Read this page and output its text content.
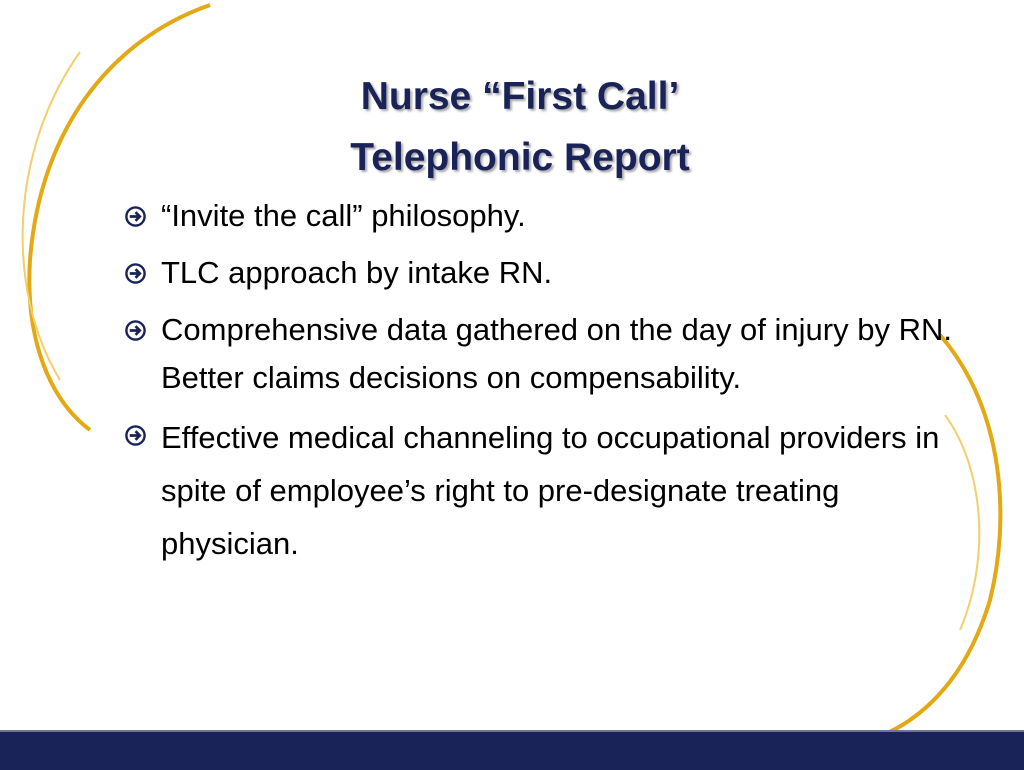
Nurse “First Call’
Telephonic Report
“Invite the call” philosophy.
TLC approach by intake RN.
Comprehensive data gathered on the day of injury by RN. Better claims decisions on compensability.
Effective medical channeling to occupational providers in spite of employee’s right to pre-designate treating physician.
